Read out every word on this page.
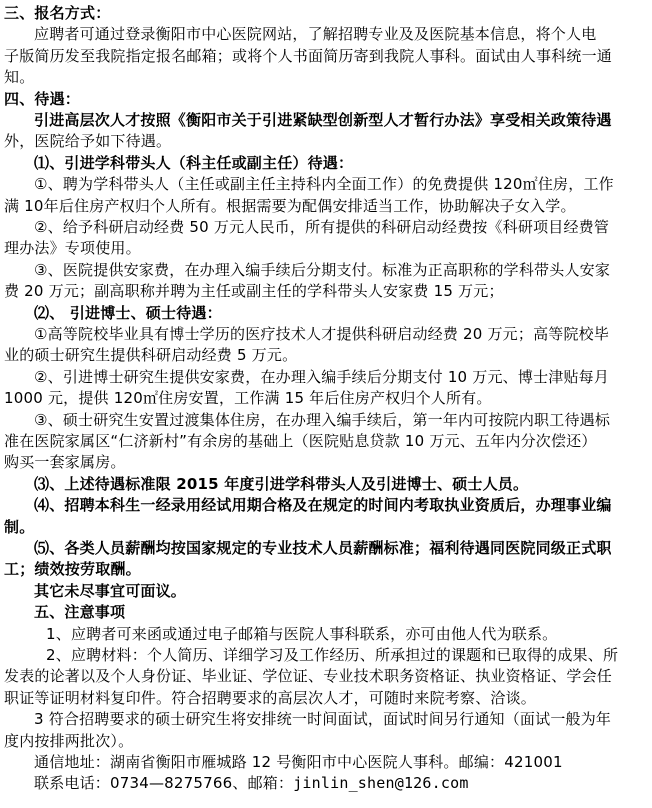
三、报名方式：
应聘者可通过登录衡阳市中心医院网站，了解招聘专业及及医院基本信息，将个人电
子版简历发至我院指定报名邮箱；或将个人书面简历寄到我院人事科。面试由人事科统一通
知。
四、待遇：
引进高层次人才按照《衡阳市关于引进紧缺型创新型人才暂行办法》享受相关政策待遇
外，医院给予如下待遇。
⑴、引进学科带头人（科主任或副主任）待遇：
①、聘为学科带头人（主任或副主任主持科内全面工作）的免费提供 120㎡住房，工作
满 10年后住房产权归个人所有。根据需要为配偶安排适当工作，协助解决子女入学。
②、给予科研启动经费 50 万元人民币，所有提供的科研启动经费按《科研项目经费管
理办法》专项使用。
③、医院提供安家费，在办理入编手续后分期支付。标准为正高职称的学科带头人安家
费 20 万元；副高职称并聘为主任或副主任的学科带头人安家费 15 万元；
⑵、 引进博士、硕士待遇：
①高等院校毕业具有博士学历的医疗技术人才提供科研启动经费 20 万元；高等院校毕
业的硕士研究生提供科研启动经费 5 万元。
②、引进博士研究生提供安家费，在办理入编手续后分期支付 10 万元、博士津贴每月
1000 元，提供 120㎡住房安置，工作满 15 年后住房产权归个人所有。
③、硕士研究生安置过渡集体住房，在办理入编手续后，第一年内可按院内职工待遇标
准在医院家属区“仁济新村”有余房的基础上（医院贴息贷款 10 万元、五年内分次偿还）
购买一套家属房。
⑶、上述待遇标准限 2015 年度引进学科带头人及引进博士、硕士人员。
⑷、招聘本科生一经录用经试用期合格及在规定的时间内考取执业资质后，办理事业编
制。
⑸、各类人员薪酬均按国家规定的专业技术人员薪酬标准；福利待遇同医院同级正式职
工；绩效按劳取酬。
其它未尽事宜可面议。
五、注意事项
1、应聘者可来函或通过电子邮箱与医院人事科联系，亦可由他人代为联系。
2、应聘材料：个人简历、详细学习及工作经历、所承担过的课题和已取得的成果、所
发表的论著以及个人身份证、毕业证、学位证、专业技术职务资格证、执业资格证、学会任
职证等证明材料复印件。符合招聘要求的高层次人才，可随时来院考察、洽谈。
3 符合招聘要求的硕士研究生将安排统一时间面试，面试时间另行通知（面试一般为年
度内按排两批次）。
通信地址：湖南省衡阳市雁城路 12 号衡阳市中心医院人事科。邮编：421001
联系电话：0734—8275766、邮箱：jinlin_shen@126.com
